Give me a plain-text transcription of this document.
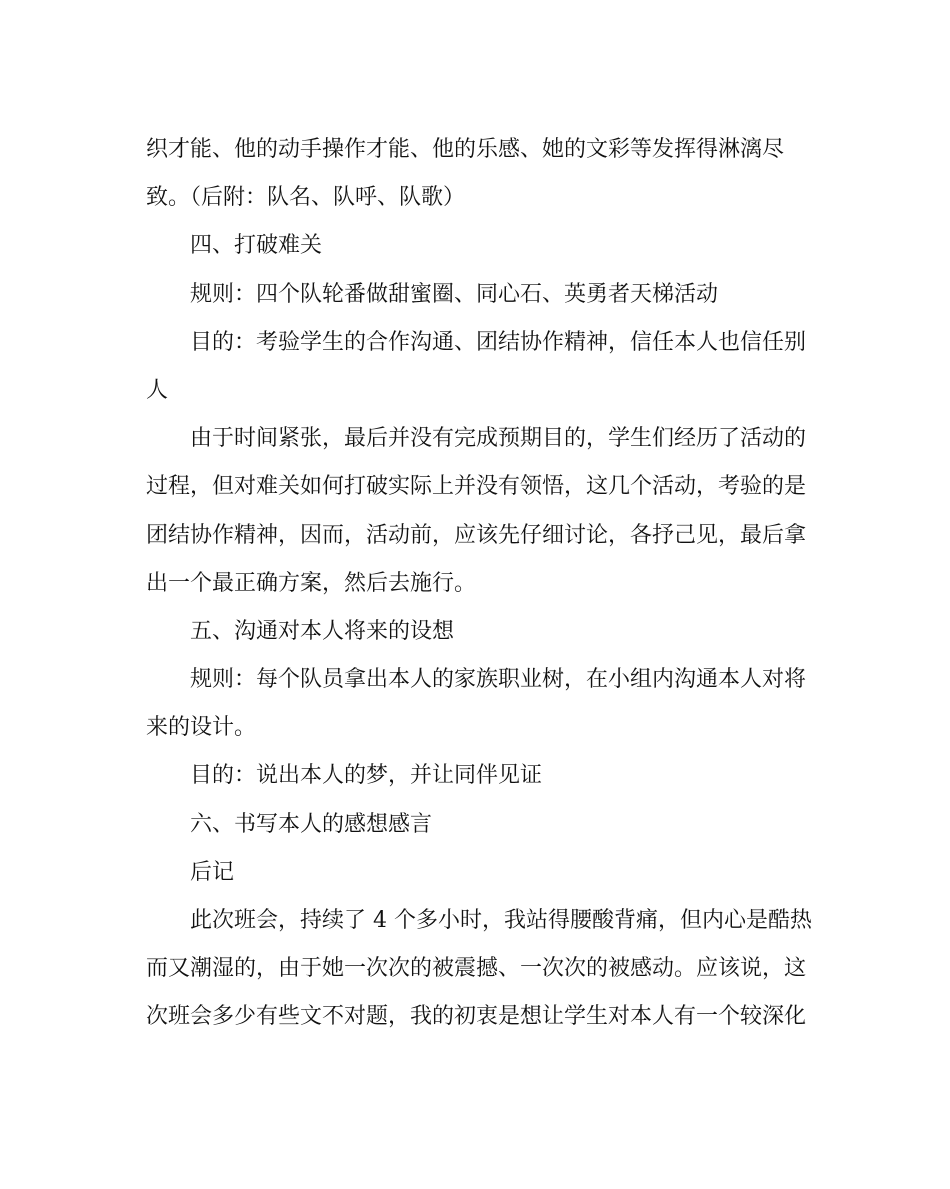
织才能、他的动手操作才能、他的乐感、她的文彩等发挥得淋漓尽
致。（后附：队名、队呼、队歌）
四、打破难关
规则：四个队轮番做甜蜜圈、同心石、英勇者天梯活动
目的：考验学生的合作沟通、团结协作精神，信任本人也信任别
人
由于时间紧张，最后并没有完成预期目的，学生们经历了活动的
过程，但对难关如何打破实际上并没有领悟，这几个活动，考验的是
团结协作精神，因而，活动前，应该先仔细讨论，各抒己见，最后拿
出一个最正确方案，然后去施行。
五、沟通对本人将来的设想
规则：每个队员拿出本人的家族职业树，在小组内沟通本人对将
来的设计。
目的：说出本人的梦，并让同伴见证
六、书写本人的感想感言
后记
此次班会，持续了 4 个多小时，我站得腰酸背痛，但内心是酷热
而又潮湿的，由于她一次次的被震撼、一次次的被感动。应该说，这
次班会多少有些文不对题，我的初衷是想让学生对本人有一个较深化
